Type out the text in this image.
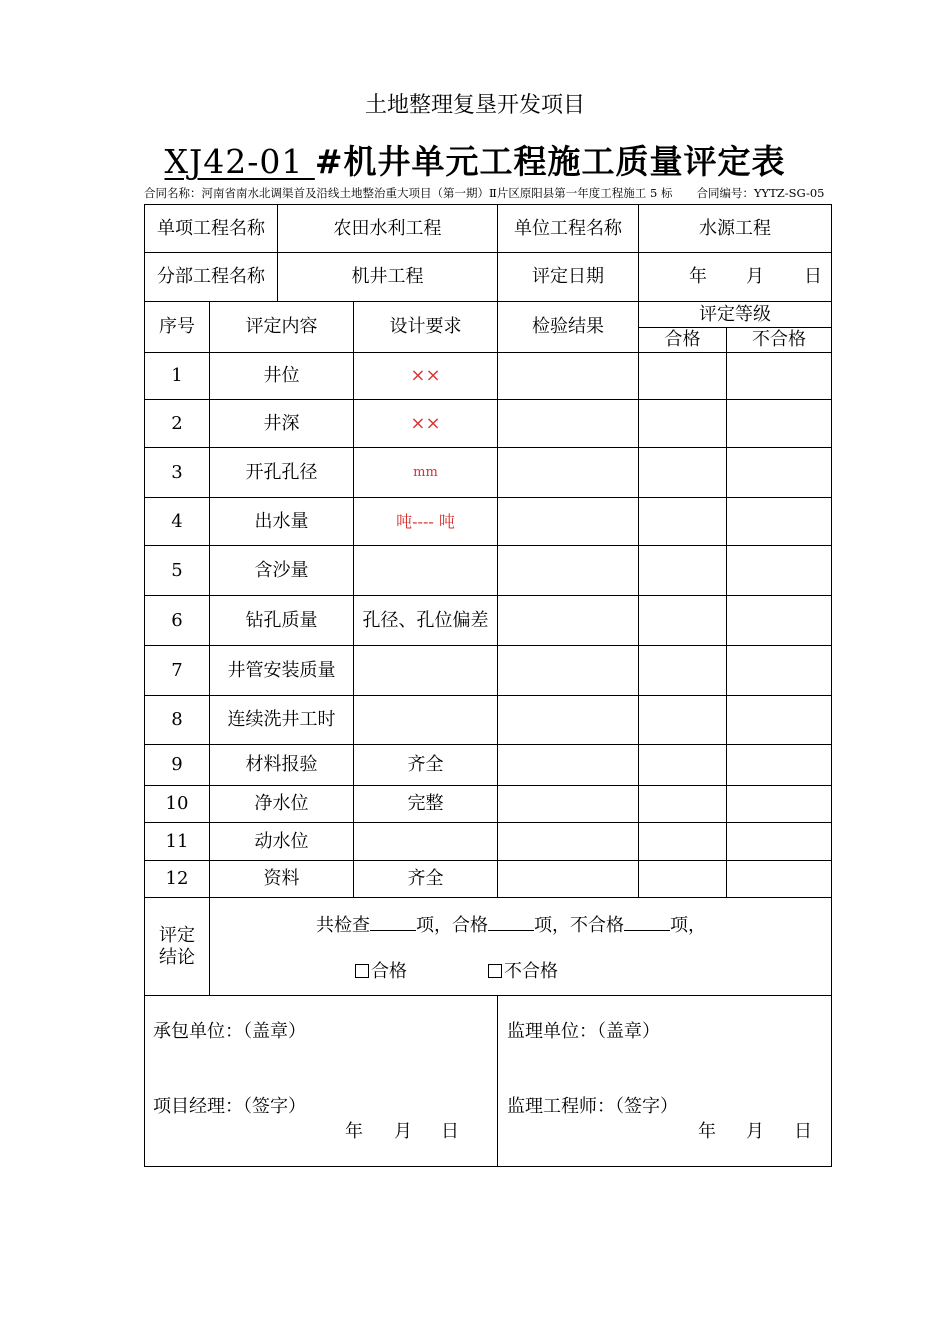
土地整理复垦开发项目
XJ42-01 #机井单元工程施工质量评定表
合同名称：河南省南水北调渠首及沿线土地整治重大项目（第一期）Ⅱ片区原阳县第一年度工程施工 5 标 合同编号：YYTZ-SG-05
单项工程名称	农田水利工程	单位工程名称	水源工程
分部工程名称	机井工程	评定日期	年 月 日
序号	评定内容	设计要求	检验结果
评定等级
合格	不合格
1	井位	××
2	井深	××
3	开孔孔径	mm
4	出水量	吨---- 吨
5	含沙量
6	钻孔质量	孔径、孔位偏差
7	井管安装质量
8	连续洗井工时
9	材料报验	齐全
10	净水位	完整
11	动水位
12	资料	齐全
评定结论
共检查	项，合格	项，不合格	项，
合格	不合格
承包单位：（盖章）
项目经理：（签字）
年 月 日
监理单位：（盖章）
监理工程师：（签字）
年 月 日
